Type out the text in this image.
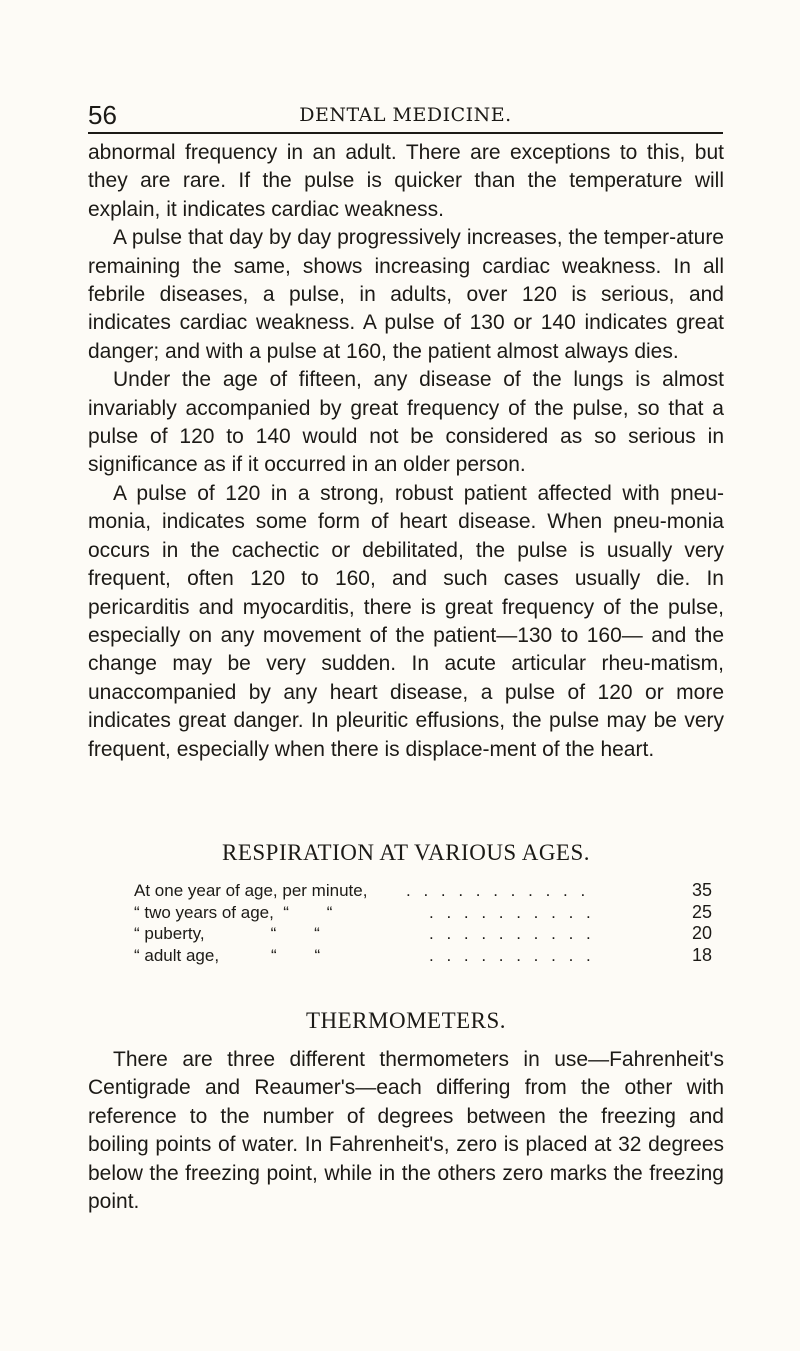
56	DENTAL MEDICINE.

abnormal frequency in an adult. There are exceptions to this, but they are rare. If the pulse is quicker than the temperature will explain, it indicates cardiac weakness.

A pulse that day by day progressively increases, the temper-ature remaining the same, shows increasing cardiac weakness. In all febrile diseases, a pulse, in adults, over 120 is serious, and indicates cardiac weakness. A pulse of 130 or 140 indicates great danger; and with a pulse at 160, the patient almost always dies.

Under the age of fifteen, any disease of the lungs is almost invariably accompanied by great frequency of the pulse, so that a pulse of 120 to 140 would not be considered as so serious in significance as if it occurred in an older person.

A pulse of 120 in a strong, robust patient affected with pneu-monia, indicates some form of heart disease. When pneu-monia occurs in the cachectic or debilitated, the pulse is usually very frequent, often 120 to 160, and such cases usually die. In pericarditis and myocarditis, there is great frequency of the pulse, especially on any movement of the patient—130 to 160— and the change may be very sudden. In acute articular rheu-matism, unaccompanied by any heart disease, a pulse of 120 or more indicates great danger. In pleuritic effusions, the pulse may be very frequent, especially when there is displace-ment of the heart.

RESPIRATION AT VARIOUS AGES.
At one year of age, per minute, . . . . . . . . . . .	35
“ two years of age,  “        “	. . . . . . . . . .	25
“ puberty,              “        “	. . . . . . . . . .	20
“ adult age,           “        “	. . . . . . . . . .	18
THERMOMETERS.

There are three different thermometers in use—Fahrenheit's Centigrade and Reaumer's—each differing from the other with reference to the number of degrees between the freezing and boiling points of water. In Fahrenheit's, zero is placed at 32 degrees below the freezing point, while in the others zero marks the freezing point.
